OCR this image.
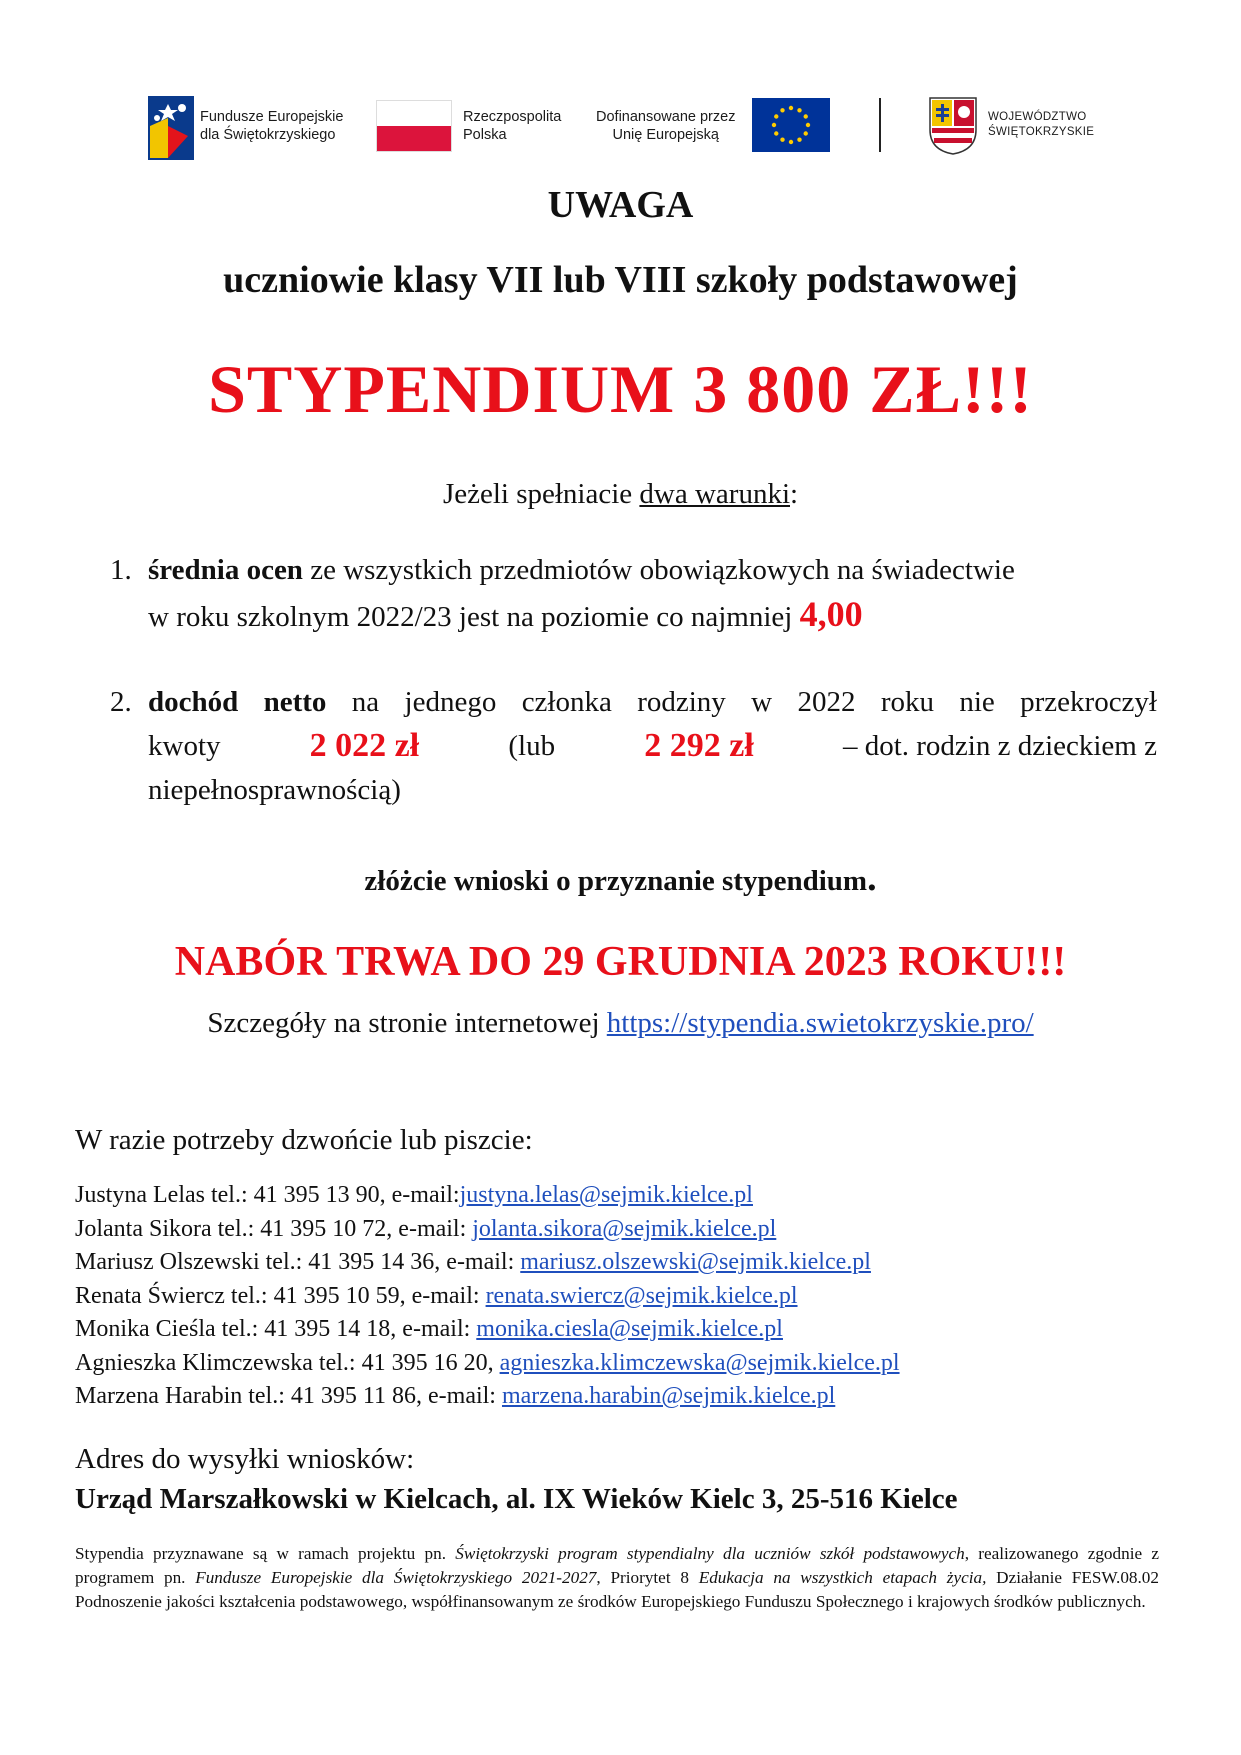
Fundusze Europejskie
dla Świętokrzyskiego
Rzeczpospolita
Polska
Dofinansowane przez
Unię Europejską
WOJEWÓDZTWO
ŚWIĘTOKRZYSKIE
UWAGA
uczniowie klasy VII lub VIII szkoły podstawowej
STYPENDIUM 3 800 ZŁ!!!
Jeżeli spełniacie dwa warunki:
1. średnia ocen ze wszystkich przedmiotów obowiązkowych na świadectwie
w roku szkolnym 2022/23 jest na poziomie co najmniej 4,00
2. dochód netto na jednego członka rodziny w 2022 roku nie przekroczył
kwoty	2 022 zł	(lub	2 292 zł	– dot. rodzin z dzieckiem z
niepełnosprawnością)
złóżcie wnioski o przyznanie stypendium.
NABÓR TRWA DO 29 GRUDNIA 2023 ROKU!!!
Szczegóły na stronie internetowej https://stypendia.swietokrzyskie.pro/
W razie potrzeby dzwońcie lub piszcie:
Justyna Lelas tel.: 41 395 13 90, e-mail:justyna.lelas@sejmik.kielce.pl
Jolanta Sikora tel.: 41 395 10 72, e-mail: jolanta.sikora@sejmik.kielce.pl
Mariusz Olszewski tel.: 41 395 14 36, e-mail: mariusz.olszewski@sejmik.kielce.pl
Renata Świercz tel.: 41 395 10 59, e-mail: renata.swiercz@sejmik.kielce.pl
Monika Cieśla tel.: 41 395 14 18, e-mail: monika.ciesla@sejmik.kielce.pl
Agnieszka Klimczewska tel.: 41 395 16 20, agnieszka.klimczewska@sejmik.kielce.pl
Marzena Harabin tel.: 41 395 11 86, e-mail: marzena.harabin@sejmik.kielce.pl
Adres do wysyłki wniosków:
Urząd Marszałkowski w Kielcach, al. IX Wieków Kielc 3, 25-516 Kielce
Stypendia przyznawane są w ramach projektu pn. Świętokrzyski program stypendialny dla uczniów szkół podstawowych, realizowanego zgodnie z programem pn. Fundusze Europejskie dla Świętokrzyskiego 2021-2027, Priorytet 8 Edukacja na wszystkich etapach życia, Działanie FESW.08.02 Podnoszenie jakości kształcenia podstawowego, współfinansowanym ze środków Europejskiego Funduszu Społecznego i krajowych środków publicznych.
